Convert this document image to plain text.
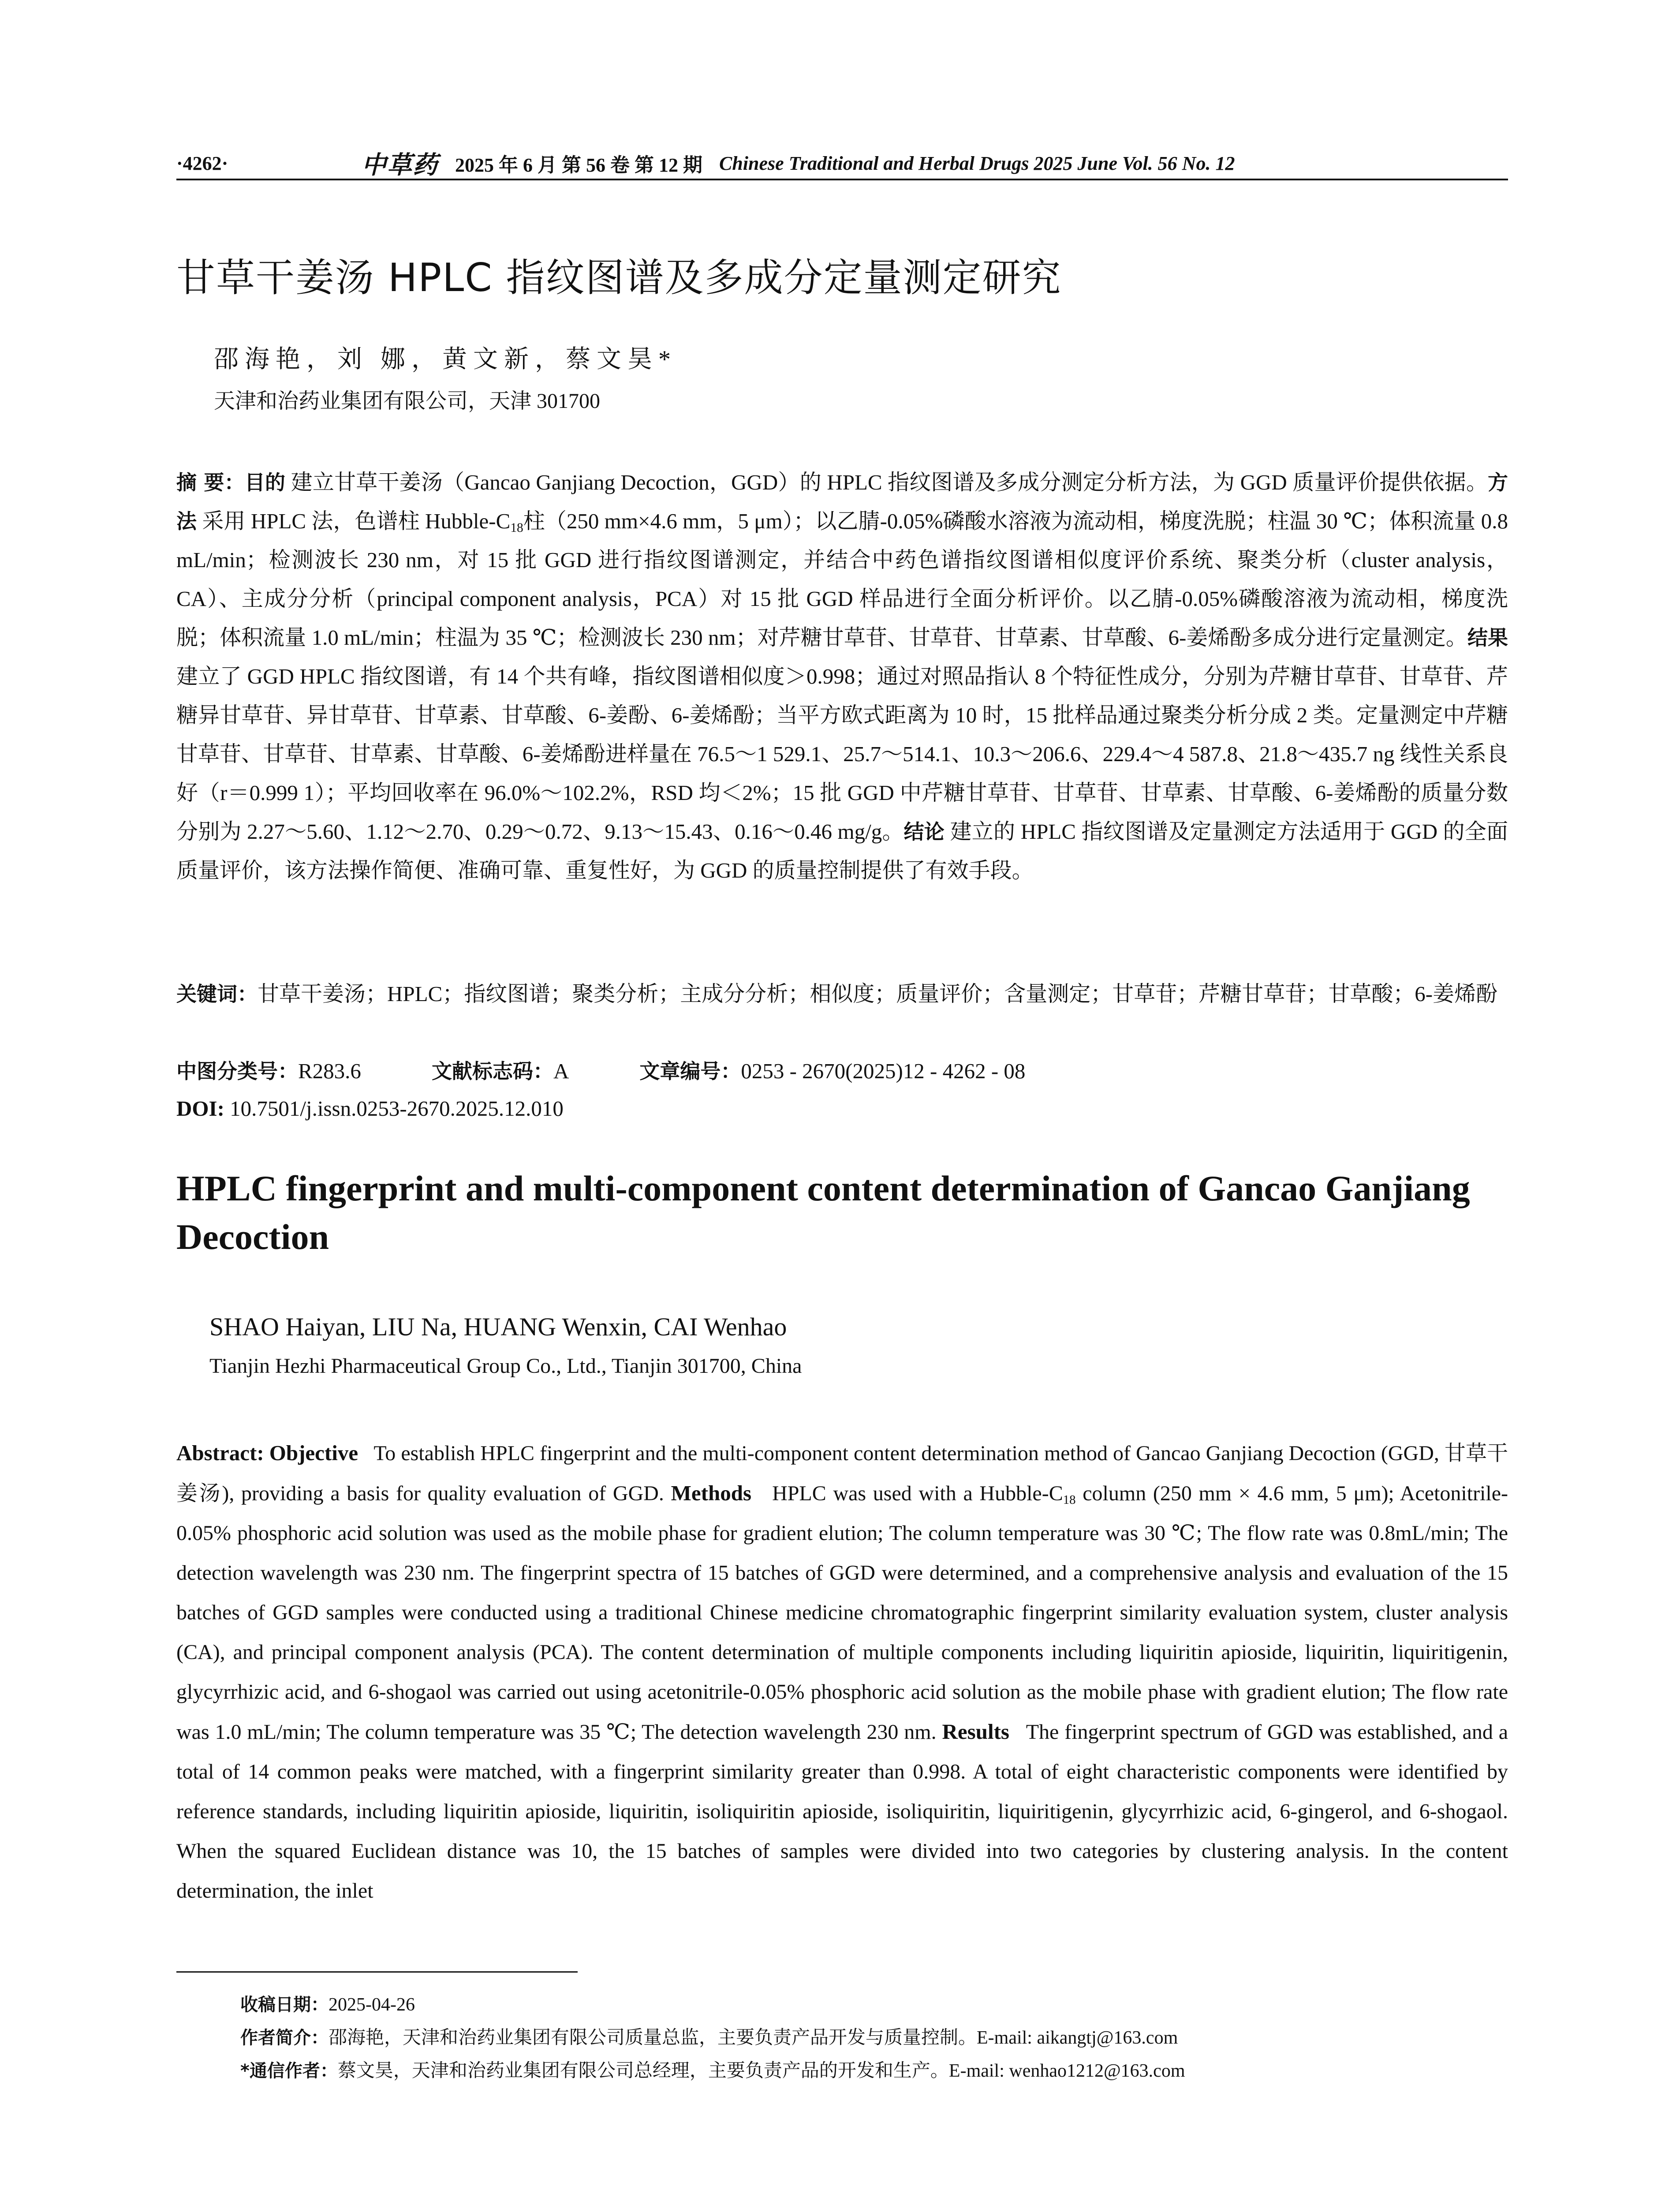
·4262·	中草药 2025 年 6 月 第 56 卷 第 12 期 Chinese Traditional and Herbal Drugs 2025 June Vol. 56 No. 12
甘草干姜汤 HPLC 指纹图谱及多成分定量测定研究
邵海艳，刘 娜，黄文新，蔡文昊*
天津和治药业集团有限公司，天津 301700
摘 要：目的 建立甘草干姜汤（Gancao Ganjiang Decoction，GGD）的 HPLC 指纹图谱及多成分测定分析方法，为 GGD 质量评价提供依据。方法 采用 HPLC 法，色谱柱 Hubble-$C_{18}$柱（250 mm×4.6 mm，5 μm）；以乙腈-0.05%磷酸水溶液为流动相，梯度洗脱；柱温 30 ℃；体积流量 0.8 mL/min；检测波长 230 nm，对 15 批 GGD 进行指纹图谱测定，并结合中药色谱指纹图谱相似度评价系统、聚类分析（cluster analysis，CA）、主成分分析（principal component analysis，PCA）对 15 批 GGD 样品进行全面分析评价。以乙腈-0.05%磷酸溶液为流动相，梯度洗脱；体积流量 1.0 mL/min；柱温为 35 ℃；检测波长 230 nm；对芹糖甘草苷、甘草苷、甘草素、甘草酸、6-姜烯酚多成分进行定量测定。结果 建立了 GGD HPLC 指纹图谱，有 14 个共有峰，指纹图谱相似度＞0.998；通过对照品指认 8 个特征性成分，分别为芹糖甘草苷、甘草苷、芹糖异甘草苷、异甘草苷、甘草素、甘草酸、6-姜酚、6-姜烯酚；当平方欧式距离为 10 时，15 批样品通过聚类分析分成 2 类。定量测定中芹糖甘草苷、甘草苷、甘草素、甘草酸、6-姜烯酚进样量在 76.5～1 529.1、25.7～514.1、10.3～206.6、229.4～4 587.8、21.8～435.7 ng 线性关系良好（r＝0.999 1）；平均回收率在 96.0%～102.2%，RSD 均＜2%；15 批 GGD 中芹糖甘草苷、甘草苷、甘草素、甘草酸、6-姜烯酚的质量分数分别为 2.27～5.60、1.12～2.70、0.29～0.72、9.13～15.43、0.16～0.46 mg/g。结论 建立的 HPLC 指纹图谱及定量测定方法适用于 GGD 的全面质量评价，该方法操作简便、准确可靠、重复性好，为 GGD 的质量控制提供了有效手段。
关键词：甘草干姜汤；HPLC；指纹图谱；聚类分析；主成分分析；相似度；质量评价；含量测定；甘草苷；芹糖甘草苷；甘草酸；6-姜烯酚
中图分类号：R283.6	文献标志码：A	文章编号：0253 - 2670(2025)12 - 4262 - 08
DOI: 10.7501/j.issn.0253-2670.2025.12.010
HPLC fingerprint and multi-component content determination of Gancao Ganjiang Decoction
SHAO Haiyan, LIU Na, HUANG Wenxin, CAI Wenhao
Tianjin Hezhi Pharmaceutical Group Co., Ltd., Tianjin 301700, China
Abstract: Objective To establish HPLC fingerprint and the multi-component content determination method of Gancao Ganjiang Decoction (GGD, 甘草干姜汤), providing a basis for quality evaluation of GGD. Methods HPLC was used with a Hubble-$C_{18}$ column (250 mm × 4.6 mm, 5 μm); Acetonitrile-0.05% phosphoric acid solution was used as the mobile phase for gradient elution; The column temperature was 30 ℃; The flow rate was 0.8mL/min; The detection wavelength was 230 nm. The fingerprint spectra of 15 batches of GGD were determined, and a comprehensive analysis and evaluation of the 15 batches of GGD samples were conducted using a traditional Chinese medicine chromatographic fingerprint similarity evaluation system, cluster analysis (CA), and principal component analysis (PCA). The content determination of multiple components including liquiritin apioside, liquiritin, liquiritigenin, glycyrrhizic acid, and 6-shogaol was carried out using acetonitrile-0.05% phosphoric acid solution as the mobile phase with gradient elution; The flow rate was 1.0 mL/min; The column temperature was 35 ℃; The detection wavelength 230 nm. Results The fingerprint spectrum of GGD was established, and a total of 14 common peaks were matched, with a fingerprint similarity greater than 0.998. A total of eight characteristic components were identified by reference standards, including liquiritin apioside, liquiritin, isoliquiritin apioside, isoliquiritin, liquiritigenin, glycyrrhizic acid, 6-gingerol, and 6-shogaol. When the squared Euclidean distance was 10, the 15 batches of samples were divided into two categories by clustering analysis. In the content determination, the inlet
收稿日期：2025-04-26
作者简介：邵海艳，天津和治药业集团有限公司质量总监，主要负责产品开发与质量控制。E-mail: aikangtj@163.com
*通信作者：蔡文昊，天津和治药业集团有限公司总经理，主要负责产品的开发和生产。E-mail: wenhao1212@163.com
